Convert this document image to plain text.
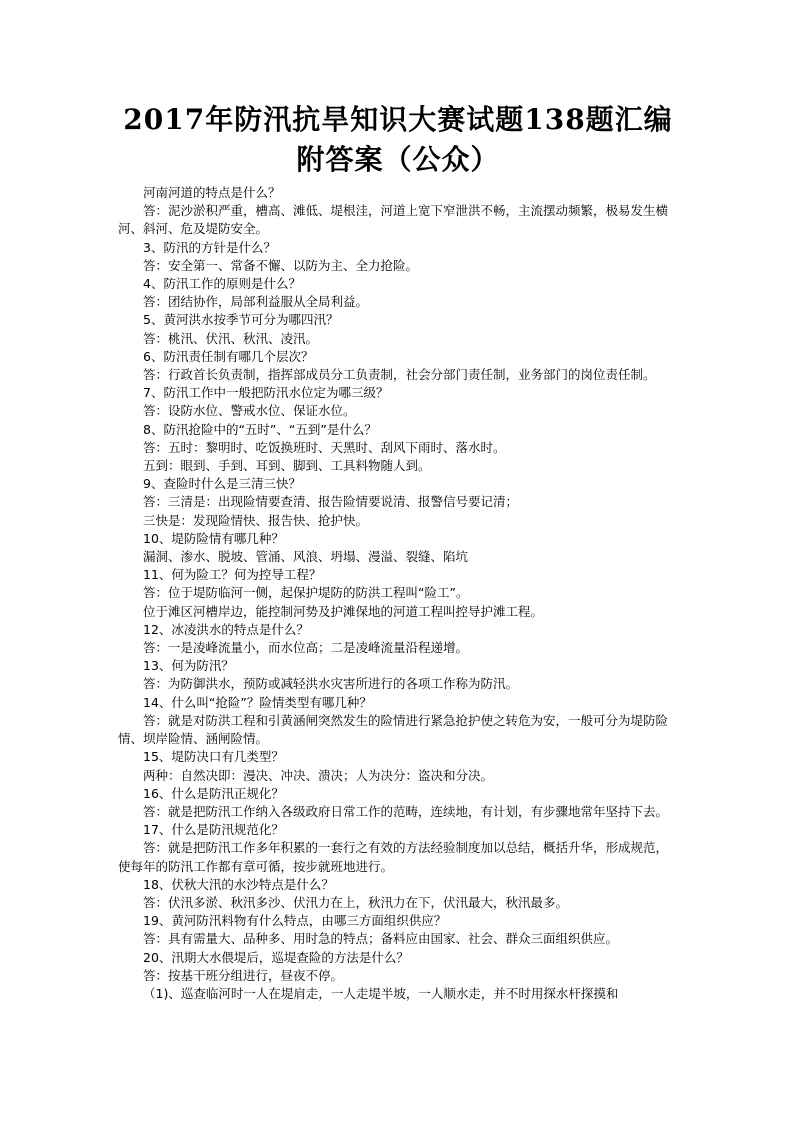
2017年防汛抗旱知识大赛试题138题汇编
附答案（公众）
河南河道的特点是什么？
答：泥沙淤积严重，槽高、滩低、堤根洼，河道上宽下窄泄洪不畅，主流摆动频繁，极易发生横河、斜河、危及堤防安全。
3、防汛的方针是什么？
答：安全第一、常备不懈、以防为主、全力抢险。
4、防汛工作的原则是什么？
答：团结协作，局部利益服从全局利益。
5、黄河洪水按季节可分为哪四汛？
答：桃汛、伏汛、秋汛、凌汛。
6、防汛责任制有哪几个层次？
答：行政首长负责制，指挥部成员分工负责制，社会分部门责任制，业务部门的岗位责任制。
7、防汛工作中一般把防汛水位定为哪三级？
答：设防水位、警戒水位、保证水位。
8、防汛抢险中的“五时”、“五到”是什么？
答：五时：黎明时、吃饭换班时、天黑时、刮风下雨时、落水时。
五到：眼到、手到、耳到、脚到、工具料物随人到。
9、查险时什么是三清三快？
答：三清是：出现险情要查清、报告险情要说清、报警信号要记清；
三快是：发现险情快、报告快、抢护快。
10、堤防险情有哪几种？
漏洞、渗水、脱坡、管涌、风浪、坍塌、漫溢、裂缝、陷坑
11、何为险工？何为控导工程？
答：位于堤防临河一侧，起保护堤防的防洪工程叫“险工”。
位于滩区河槽岸边，能控制河势及护滩保地的河道工程叫控导护滩工程。
12、冰凌洪水的特点是什么？
答：一是凌峰流量小，而水位高；二是凌峰流量沿程递增。
13、何为防汛？
答：为防御洪水，预防或减轻洪水灾害所进行的各项工作称为防汛。
14、什么叫“抢险”？险情类型有哪几种？
答：就是对防洪工程和引黄涵闸突然发生的险情进行紧急抢护使之转危为安，一般可分为堤防险情、坝岸险情、涵闸险情。
15、堤防决口有几类型？
两种：自然决即：漫决、冲决、溃决；人为决分：盗决和分决。
16、什么是防汛正规化？
答：就是把防汛工作纳入各级政府日常工作的范畴，连续地，有计划，有步骤地常年坚持下去。
17、什么是防汛规范化？
答：就是把防汛工作多年积累的一套行之有效的方法经验制度加以总结，概括升华，形成规范，使每年的防汛工作都有章可循，按步就班地进行。
18、伏秋大汛的水沙特点是什么？
答：伏汛多淤、秋汛多沙、伏汛力在上，秋汛力在下，伏汛最大，秋汛最多。
19、黄河防汛料物有什么特点，由哪三方面组织供应？
答：具有需量大、品种多、用时急的特点；备料应由国家、社会、群众三面组织供应。
20、汛期大水偎堤后，巡堤查险的方法是什么？
答：按基干班分组进行，昼夜不停。
（1)、巡查临河时一人在堤肩走，一人走堤半坡，一人顺水走，并不时用探水杆探摸和
